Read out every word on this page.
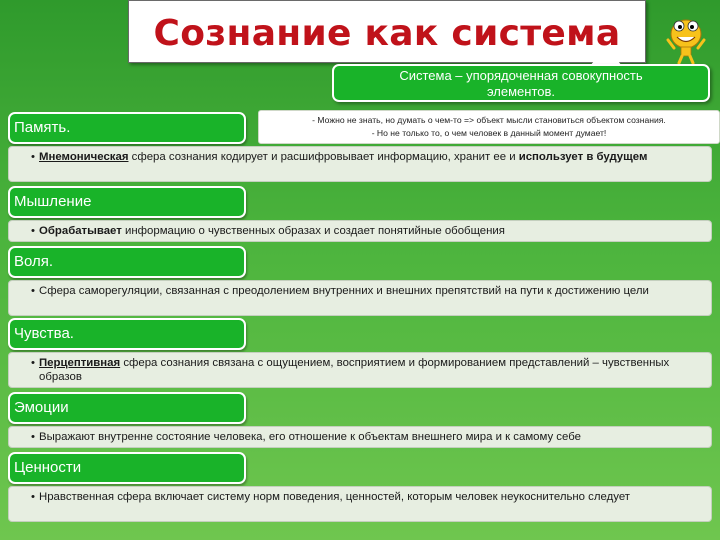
Сознание как система
Система – упорядоченная совокупность
элементов.
- Можно не знать, но думать о чем-то => объект мысли становиться объектом сознания.
- Но не только то, о чем человек в данный момент думает!
Память.
• Мнемоническая сфера сознания кодирует и расшифровывает информацию, хранит ее и использует в будущем
Мышление
• Обрабатывает информацию о чувственных образах и создает понятийные обобщения
Воля.
• Сфера саморегуляции, связанная с преодолением внутренних и внешних препятствий на пути к достижению цели
Чувства.
• Перцептивная сфера сознания связана с ощущением, восприятием и формированием представлений – чувственных образов
Эмоции
• Выражают внутренне состояние человека, его отношение к объектам внешнего мира и к самому себе
Ценности
• Нравственная сфера включает систему норм поведения, ценностей, которым человек неукоснительно следует
